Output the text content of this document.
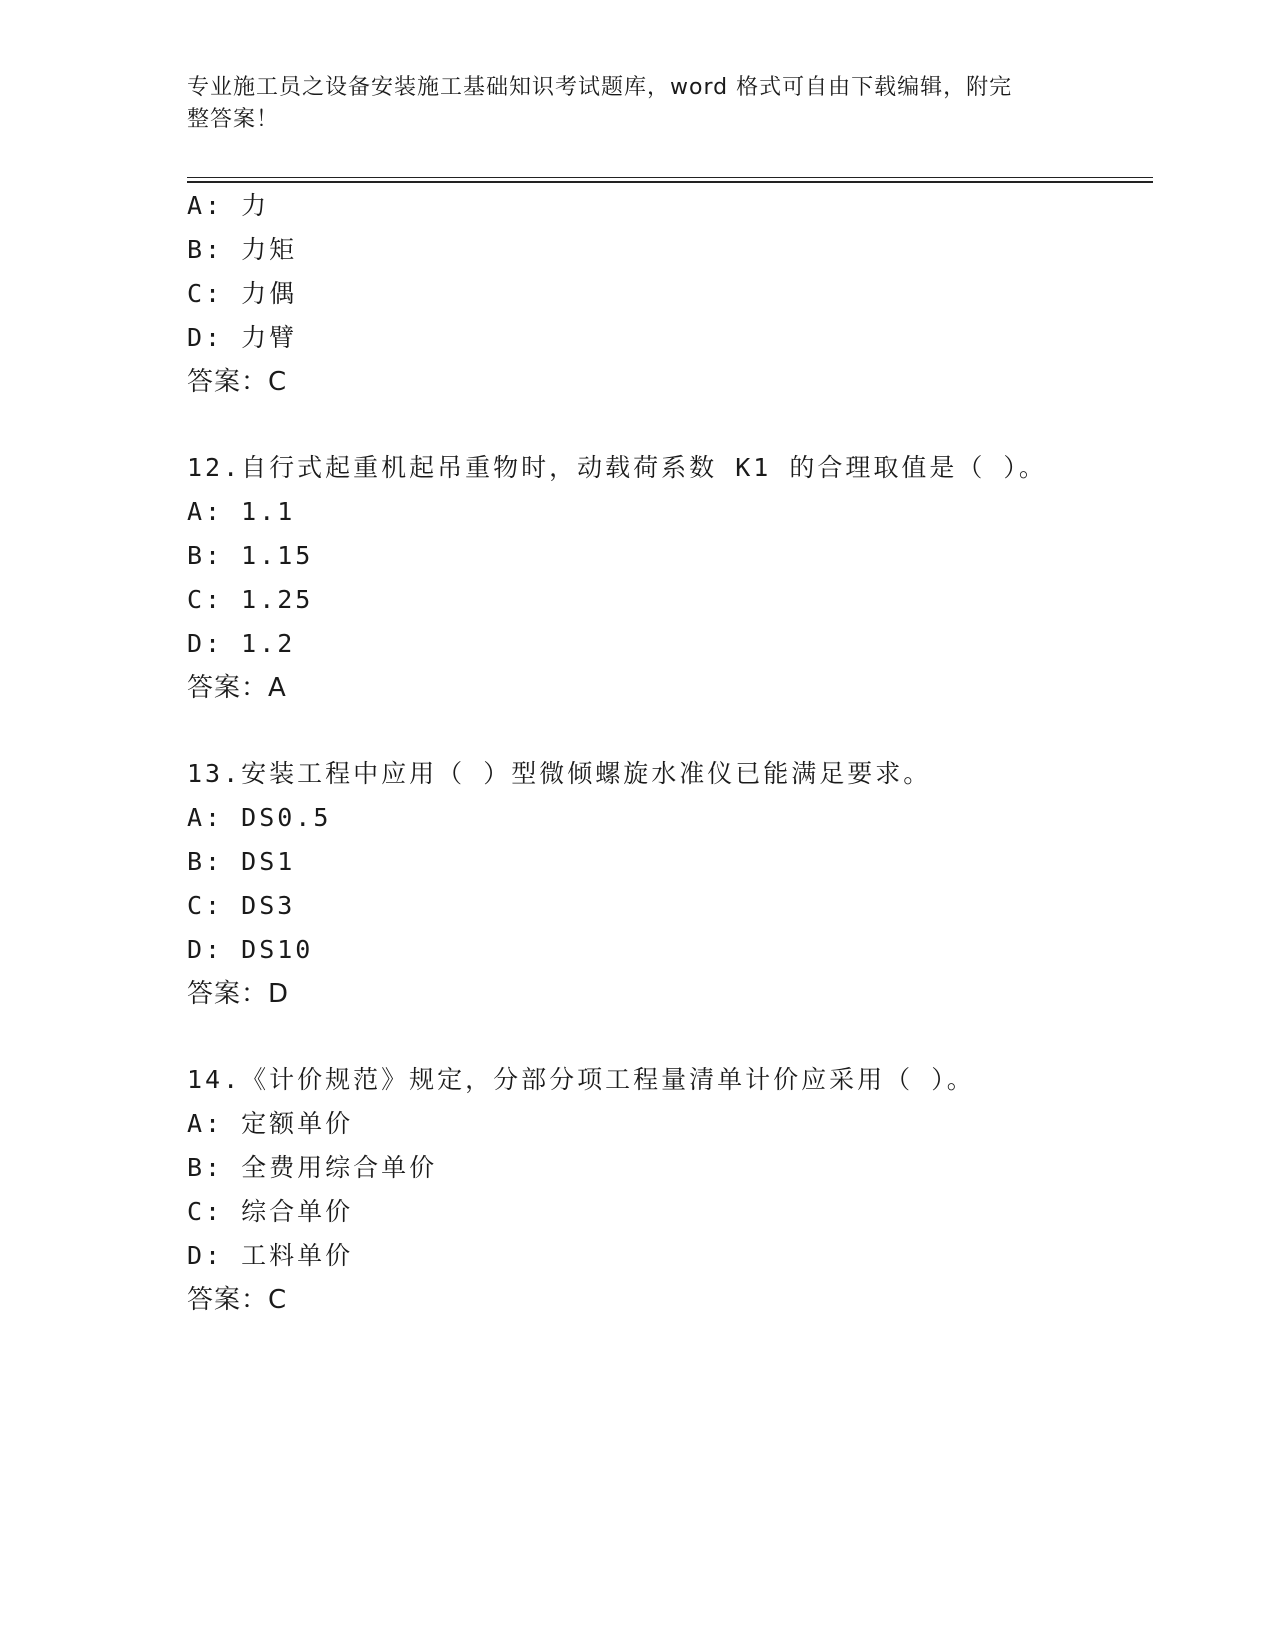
专业施工员之设备安装施工基础知识考试题库，word 格式可自由下载编辑，附完
整答案！
A: 力
B: 力矩
C: 力偶
D: 力臂
答案：C
12.自行式起重机起吊重物时，动载荷系数 K1 的合理取值是（ ）。
A: 1.1
B: 1.15
C: 1.25
D: 1.2
答案：A
13.安装工程中应用（ ）型微倾螺旋水准仪已能满足要求。
A: DS0.5
B: DS1
C: DS3
D: DS10
答案：D
14.《计价规范》规定，分部分项工程量清单计价应采用（ ）。
A: 定额单价
B: 全费用综合单价
C: 综合单价
D: 工料单价
答案：C
